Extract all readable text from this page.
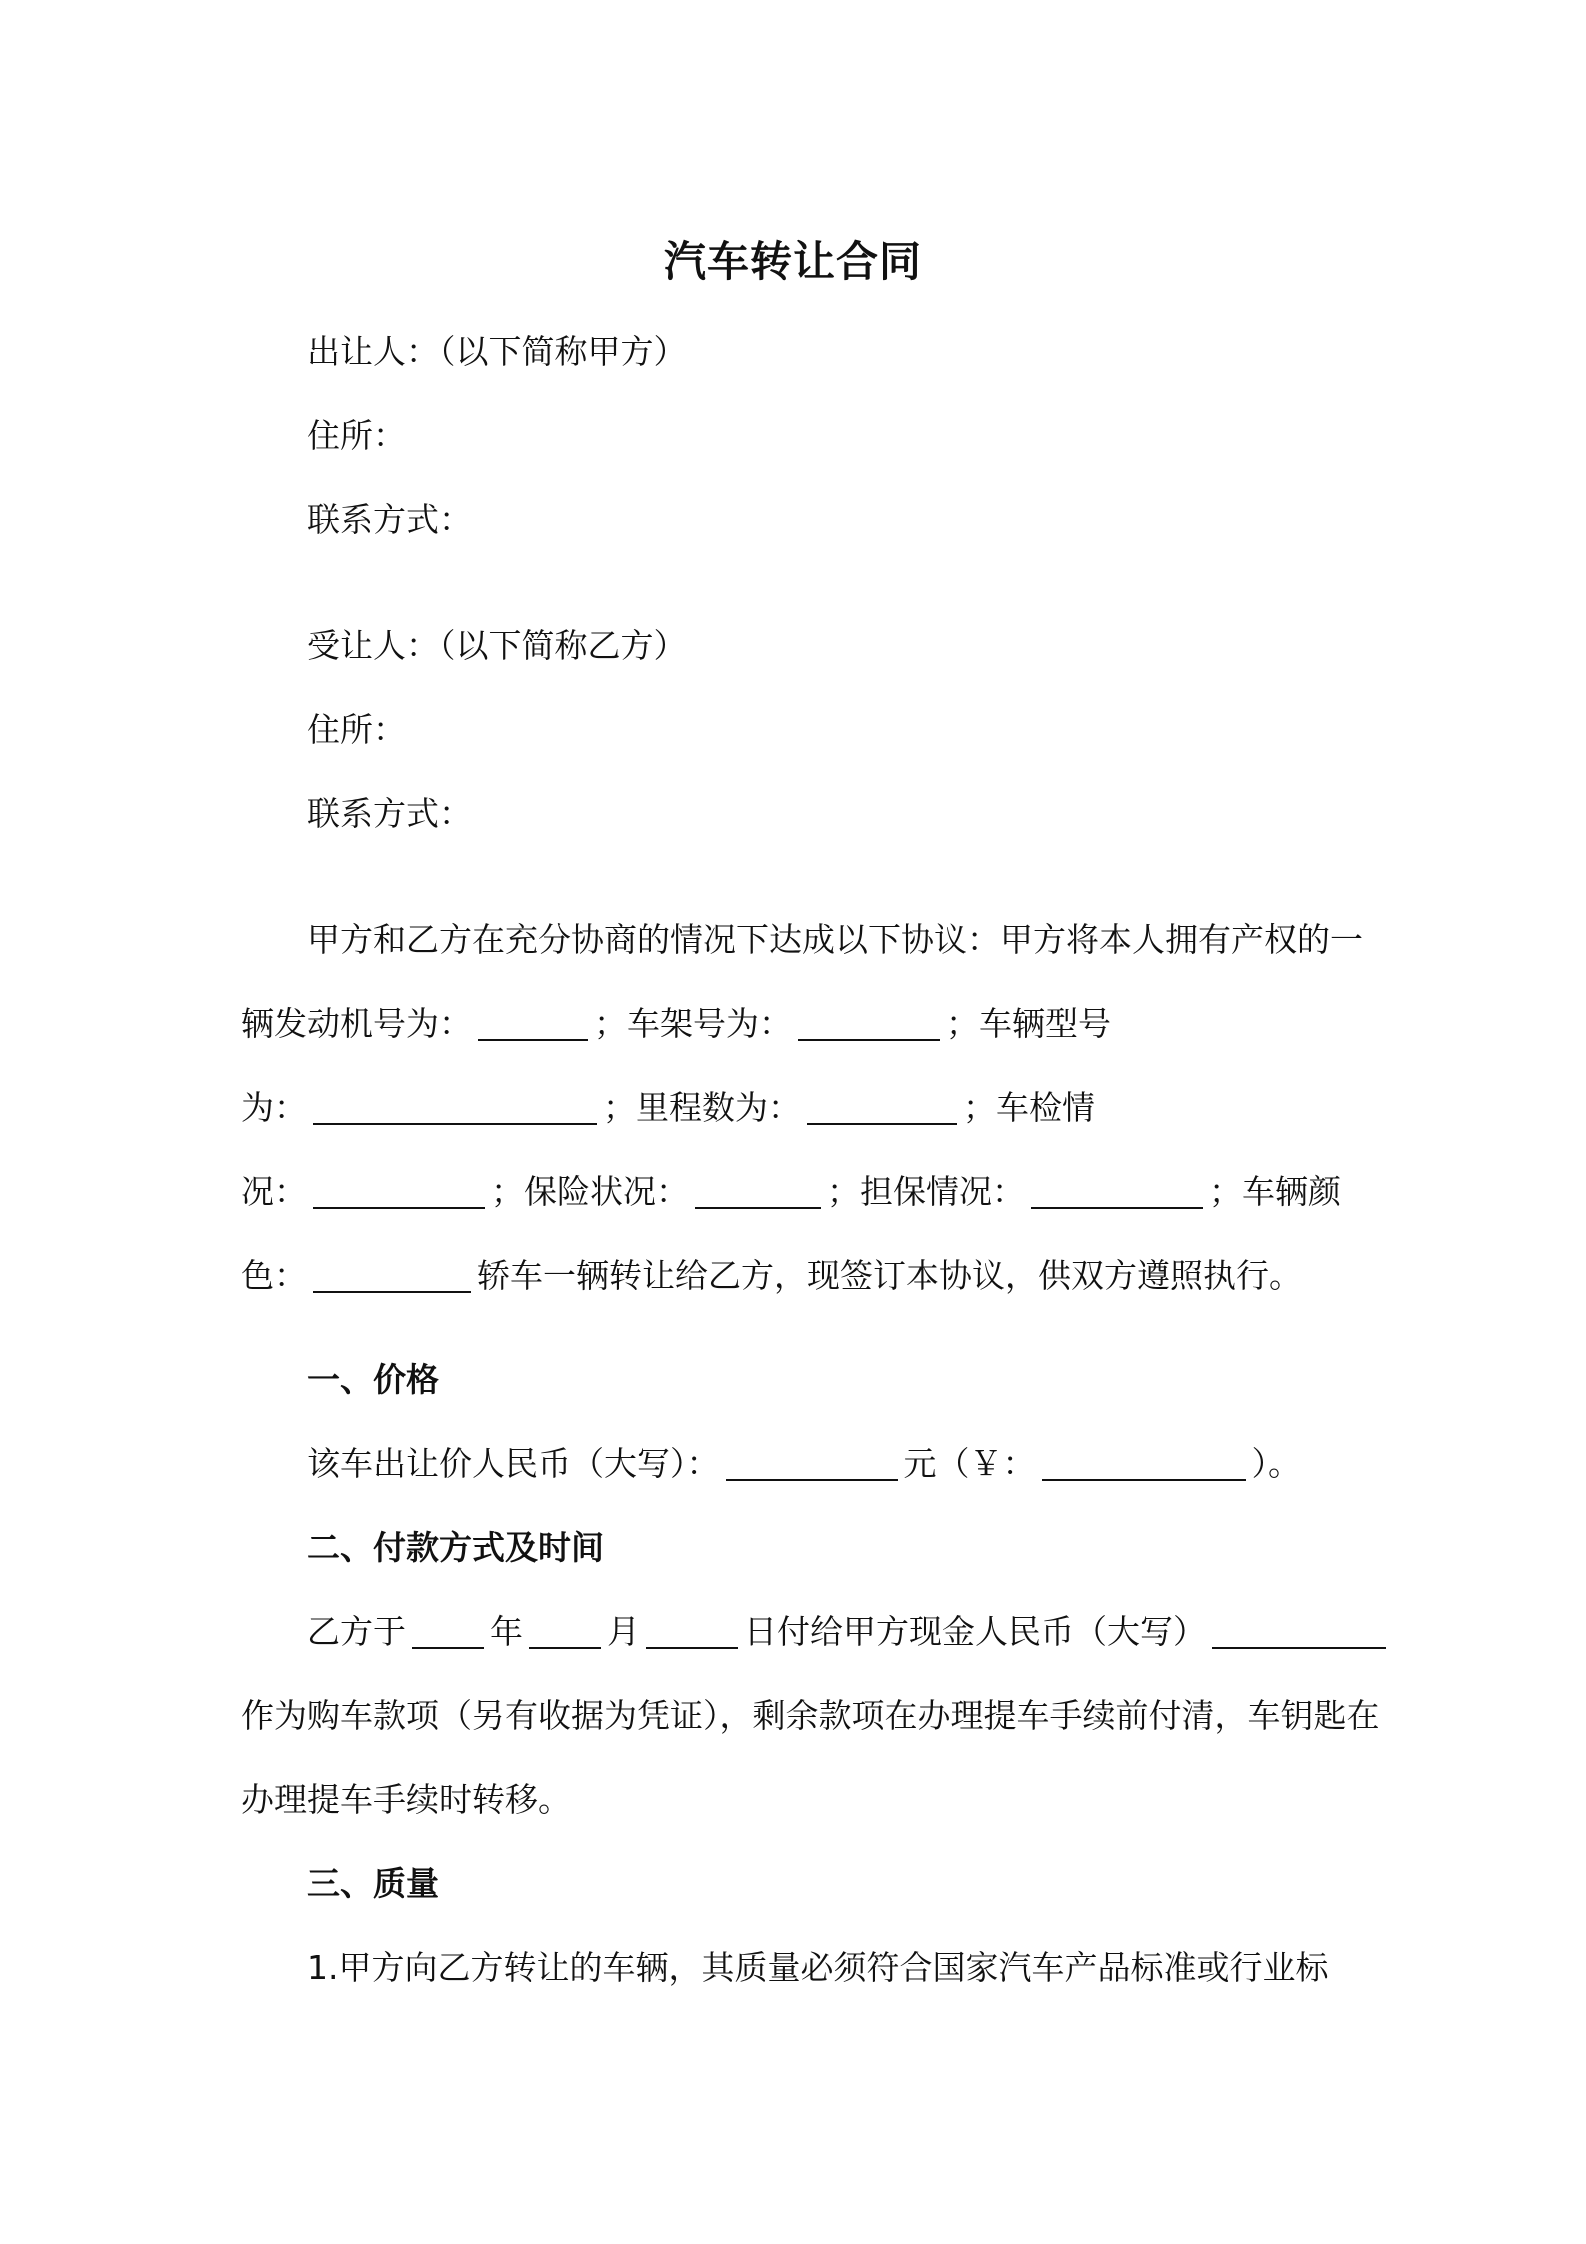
汽车转让合同
出让人：（以下简称甲方）
住所：
联系方式：
受让人：（以下简称乙方）
住所：
联系方式：
甲方和乙方在充分协商的情况下达成以下协议：甲方将本人拥有产权的一
辆发动机号为：	；车架号为：	；车辆型号
为：	；里程数为：	；车检情
况：	；保险状况：	；担保情况：	；车辆颜
色：	轿车一辆转让给乙方，现签订本协议，供双方遵照执行。
一、价格
该车出让价人民币（大写）：	元（￥：	）。
二、付款方式及时间
乙方于	年	月	日付给甲方现金人民币（大写）
作为购车款项（另有收据为凭证），剩余款项在办理提车手续前付清，车钥匙在
办理提车手续时转移。
三、质量
1.甲方向乙方转让的车辆，其质量必须符合国家汽车产品标准或行业标
